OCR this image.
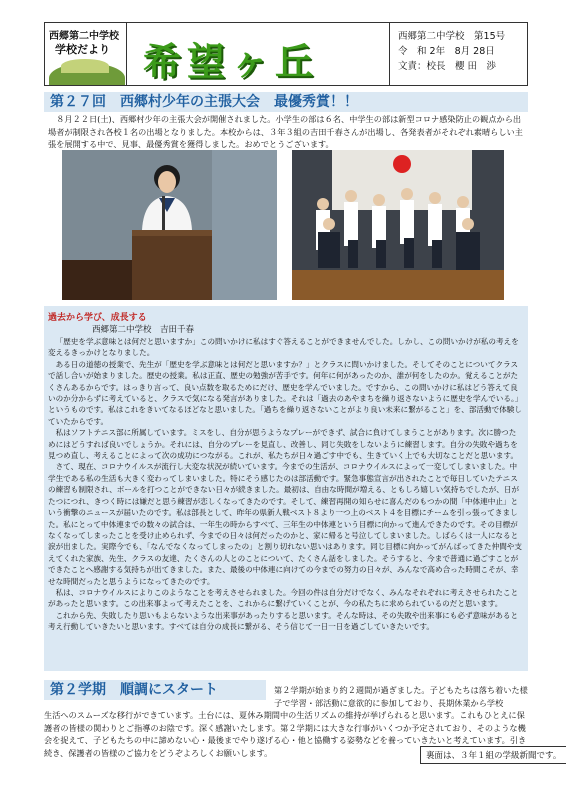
西郷第二中学校
学校だより 希望ヶ丘
西郷第二中学校　 第15号
令　和 2年　 8月 28日
文責：校長　櫻 田　渉
第２７回　西郷村少年の主張大会　最優秀賞！！
８月２２日(土)、西郷村少年の主張大会が開催されました。小学生の部は６名、中学生の部は新型コロナ感染防止の観点から出場者が制限され各校１名の出場となりました。本校からは、３年３組の吉田千春さんが出場し、各発表者がそれぞれ素晴らしい主張を展開する中で、見事、最優秀賞を獲得しました。おめでとうございます。
過去から学び、成長する
西郷第二中学校　吉田千春

「歴史を学ぶ意味とは何だと思いますか」この問いかけに私はすぐ答えることができませんでした。しかし、この問いかけが私の考えを変えるきっかけとなりました。

ある日の道徳の授業で、先生が「歴史を学ぶ意味とは何だと思いますか？」とクラスに問いかけました。そしてそのことについてクラスで話し合いが始まりました。歴史の授業。私は正直、歴史の勉強が苦手です。何年に何があったのか、誰が何をしたのか。覚えることがたくさんあるからです。はっきり言って、良い点数を取るためにだけ、歴史を学んでいました。ですから、この問いかけに私はどう答えて良いのか分からずに考えていると、クラスで気になる発言がありました。それは「過去のあやまちを繰り返さないように歴史を学んでいる。」というものです。私はこれをきいてなるほどなと思いました。「過ちを繰り返さないことがより良い未来に繋がること」を、部活動で体験していたからです。

私はソフトテニス部に所属しています。ミスをし、自分が思うようなプレーができず、試合に負けてしまうことがあります。次に勝つためにはどうすれば良いでしょうか。それには、自分のプレーを見直し、改善し、同じ失敗をしないように練習します。自分の失敗や過ちを見つめ直し、考えることによって次の成功につながる。これが、私たちが日々過ごす中でも、生きていく上でも大切なことだと思います。

さて、現在、コロナウイルスが流行し大変な状況が続いています。今までの生活が、コロナウイルスによって一変してしまいました。中学生である私の生活も大きく変わってしまいました。特にそう感じたのは部活動です。緊急事態宣言が出されたことで毎日していたテニスの練習も制限され、ボールを打つことができない日々が続きました。最初は、自由な時間が増える、ともしろ嬉しい気持ちでしたが、日がたつにつれ、きつく時には嫌だと思う練習が恋しくなってきたのです。そして、練習再開の知らせに喜んだのもつかの間「中体連中止」という衝撃のニュースが届いたのです。私は部長として、昨年の県新人戦ベスト８より一つ上のベスト４を目標にチームを引っ張ってきました。私にとって中体連までの数々の試合は、一年生の時からすべて、三年生の中体連という目標に向かって進んできたのです。その目標がなくなってしまったことを受け止められず、今までの日々は何だったのかと、家に帰ると号泣してしまいました。しばらくは一人になると涙が出ました。実際今でも、「なんでなくなってしまったの」と割り切れない思いはあります。同じ目標に向かってがんばってきた仲間や支えてくれた家族、先生、クラスの友達、たくさんの人とのことについて、たくさん話をしました。そうすると、今まで普通に過ごすことができたことへ感謝する気持ちが出てきました。また、最後の中体連に向けての今までの努力の日々が、みんなで高め合った時間こそが、幸せな時間だったと思うようになってきたのです。

私は、コロナウイルスによりこのようなことを考えさせられました。今回の件は自分だけでなく、みんなそれぞれに考えさせられたことがあったと思います。この出来事よって考えたことを、これからに繋げていくことが、今の私たちに求められているのだと思います。

これから先、失敗したり思いもよらないような出来事があったりすると思います。そんな時は、その失敗や出来事にも必ず意味があると考え行動していきたいと思います。すべては自分の成長に繋がる、そう信じて一日一日を過ごしていきたいです。

第２学期　順調にスタート	第２学期が始まり約２週間が過ぎました。子どもたちは落ち着いた様子で学習・部活動に意欲的に参加しており、長期休業から学校
生活へのスムーズな移行ができています。土台には、夏休み期間中の生活リズムの維持が挙げられると思います。これもひとえに保護者の皆様の関わりとご指導のお陰です。深く感謝いたします。第２学期には大きな行事がいくつか予定されており、そのような機会を捉えて、子どもたちの中に諦めない心・最後までやり遂げる心・他と協働する姿勢などを養っていきたいと考えています。引き続き、保護者の皆様のご協力をどうぞよろしくお願いします。	裏面は、３年１組の学級新聞です。
